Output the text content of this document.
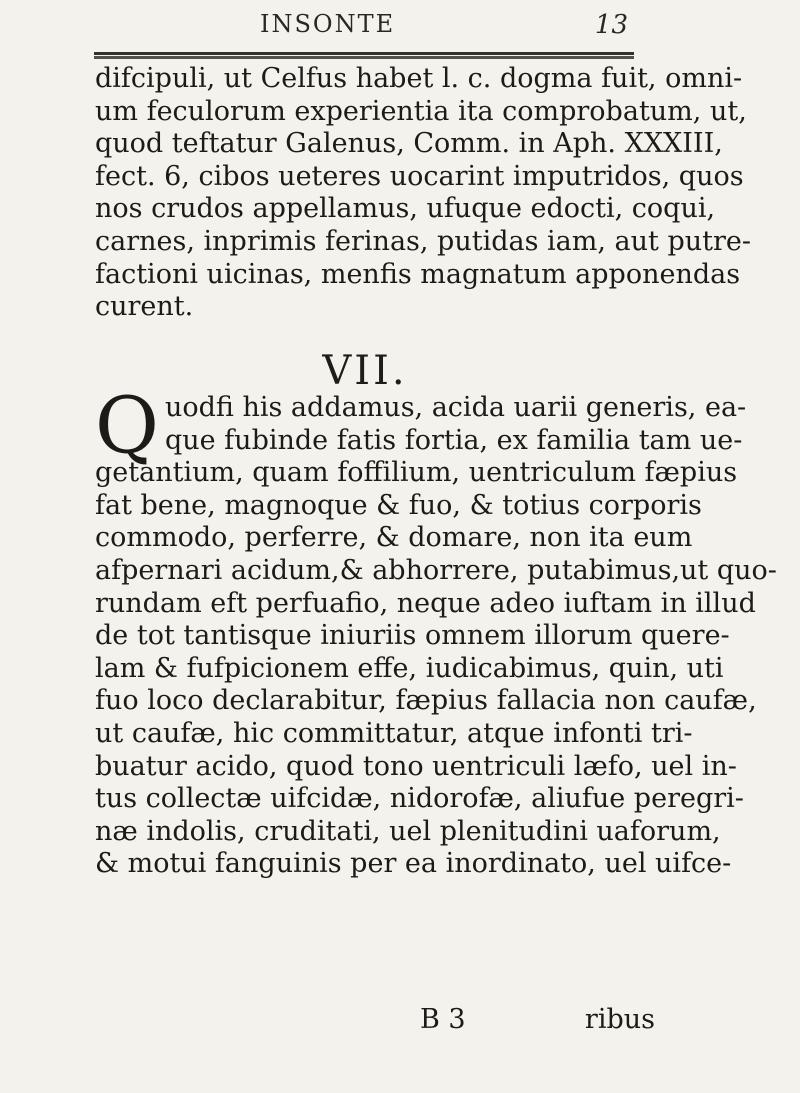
INSONTE	13
difcipuli, ut Celfus habet l. c. dogma fuit, omni-
um feculorum experientia ita comprobatum, ut,
quod teftatur Galenus, Comm. in Aph. XXXIII,
fect. 6, cibos ueteres uocarint imputridos, quos
nos crudos appellamus, ufuque edocti, coqui,
carnes, inprimis ferinas, putidas iam, aut putre-
factioni uicinas, menfis magnatum apponendas
curent.
VII.
Q uodfi his addamus, acida uarii generis, ea-
que fubinde fatis fortia, ex familia tam ue-
getantium, quam foffilium, uentriculum fæpius
fat bene, magnoque & fuo, & totius corporis
commodo, perferre, & domare, non ita eum
afpernari acidum,& abhorrere, putabimus,ut quo-
rundam eft perfuafio, neque adeo iuftam in illud
de tot tantisque iniuriis omnem illorum quere-
lam & fufpicionem effe, iudicabimus, quin, uti
fuo loco declarabitur, fæpius fallacia non caufæ,
ut caufæ, hic committatur, atque infonti tri-
buatur acido, quod tono uentriculi læfo, uel in-
tus collectæ uifcidæ, nidorofæ, aliufue peregri-
næ indolis, cruditati, uel plenitudini uaforum,
& motui fanguinis per ea inordinato, uel uifce-
B 3	ribus
